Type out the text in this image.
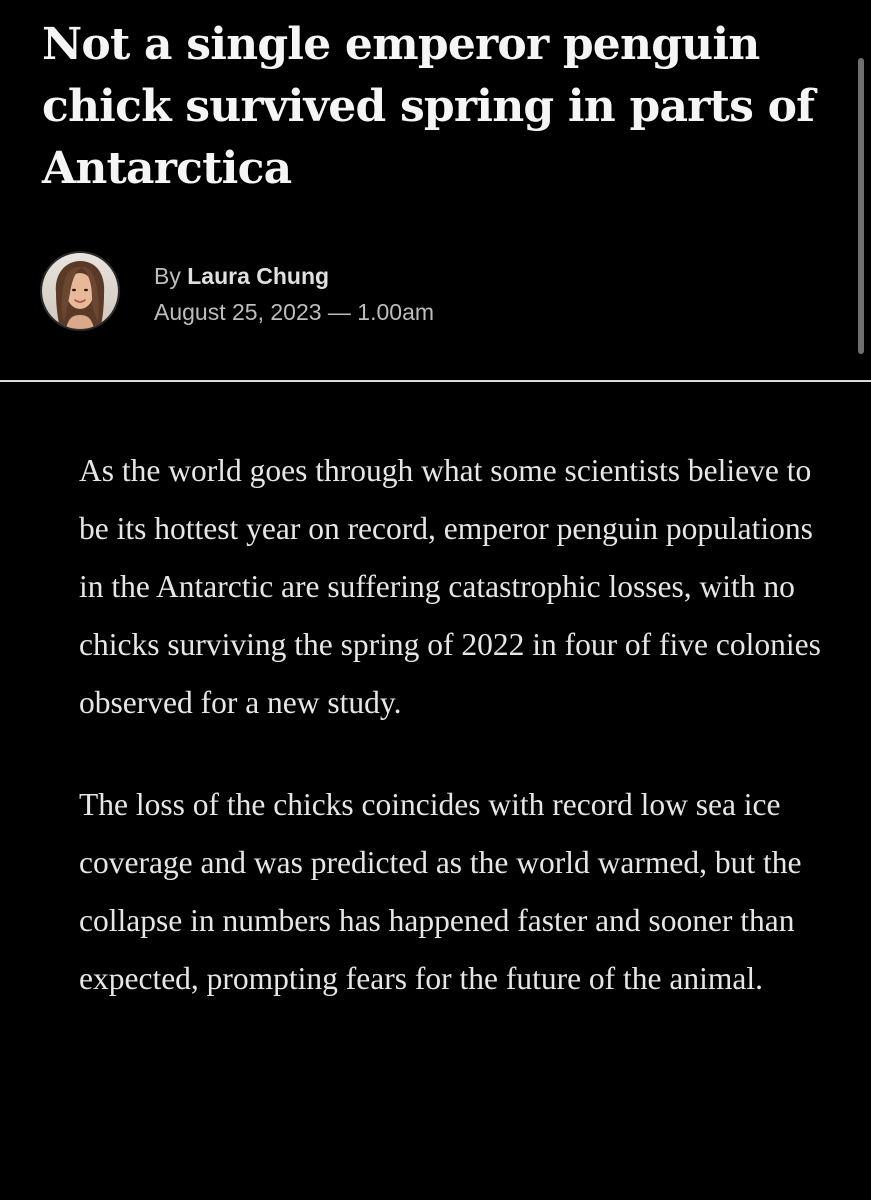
Not a single emperor penguin chick survived spring in parts of Antarctica
By Laura Chung
August 25, 2023 — 1.00am

As the world goes through what some scientists believe to be its hottest year on record, emperor penguin populations in the Antarctic are suffering catastrophic losses, with no chicks surviving the spring of 2022 in four of five colonies observed for a new study.

The loss of the chicks coincides with record low sea ice coverage and was predicted as the world warmed, but the collapse in numbers has happened faster and sooner than expected, prompting fears for the future of the animal.
